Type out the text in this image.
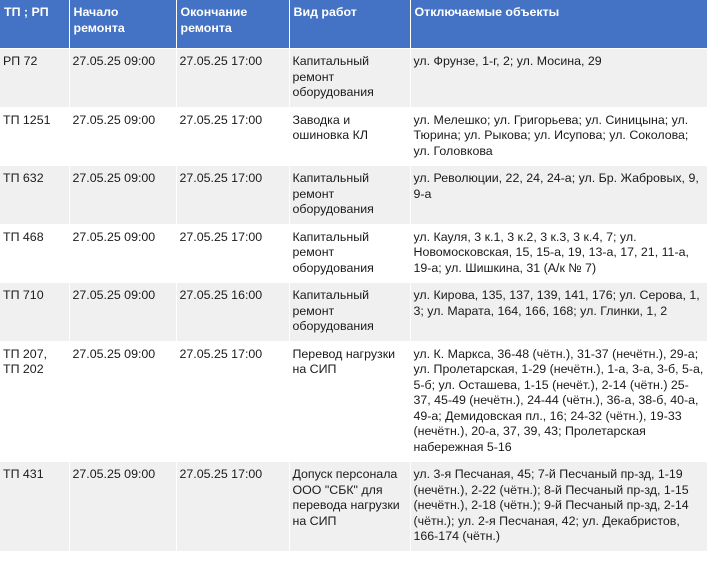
ТП ; РП	Начало ремонта	Окончание ремонта	Вид работ	Отключаемые объекты
РП 72	27.05.25 09:00	27.05.25 17:00	Капитальный ремонт оборудования	ул. Фрунзе, 1-г, 2; ул. Мосина, 29
ТП 1251	27.05.25 09:00	27.05.25 17:00	Заводка и ошиновка КЛ	ул. Мелешко; ул. Григорьева; ул. Синицына; ул. Тюрина; ул. Рыкова; ул. Исупова; ул. Соколова; ул. Головкова
ТП 632	27.05.25 09:00	27.05.25 17:00	Капитальный ремонт оборудования	ул. Революции, 22, 24, 24-а; ул. Бр. Жабровых, 9, 9-а
ТП 468	27.05.25 09:00	27.05.25 17:00	Капитальный ремонт оборудования	ул. Кауля, 3 к.1, 3 к.2, 3 к.3, 3 к.4, 7; ул. Новомосковская, 15, 15-а, 19, 13-а, 17, 21, 11-а, 19-а; ул. Шишкина, 31 (А/к № 7)
ТП 710	27.05.25 09:00	27.05.25 16:00	Капитальный ремонт оборудования	ул. Кирова, 135, 137, 139, 141, 176; ул. Серова, 1, 3; ул. Марата, 164, 166, 168; ул. Глинки, 1, 2
ТП 207, ТП 202	27.05.25 09:00	27.05.25 17:00	Перевод нагрузки на СИП	ул. К. Маркса, 36-48 (чётн.), 31-37 (нечётн.), 29-а; ул. Пролетарская, 1-29 (нечётн.), 1-а, 3-а, 3-б, 5-а, 5-б; ул. Осташева, 1-15 (нечёт.), 2-14 (чётн.) 25-37, 45-49 (нечётн.), 24-44 (чётн.), 36-а, 38-б, 40-а, 49-а; Демидовская пл., 16; 24-32 (чётн.), 19-33 (нечётн.), 20-а, 37, 39, 43; Пролетарская набережная 5-16
ТП 431	27.05.25 09:00	27.05.25 17:00	Допуск персонала ООО "СБК" для перевода нагрузки на СИП	ул. 3-я Песчаная, 45; 7-й Песчаный пр-зд, 1-19 (нечётн.), 2-22 (чётн.); 8-й Песчаный пр-зд, 1-15 (нечётн.), 2-18 (чётн.); 9-й Песчаный пр-зд, 2-14 (чётн.); ул. 2-я Песчаная, 42; ул. Декабристов, 166-174 (чётн.)
